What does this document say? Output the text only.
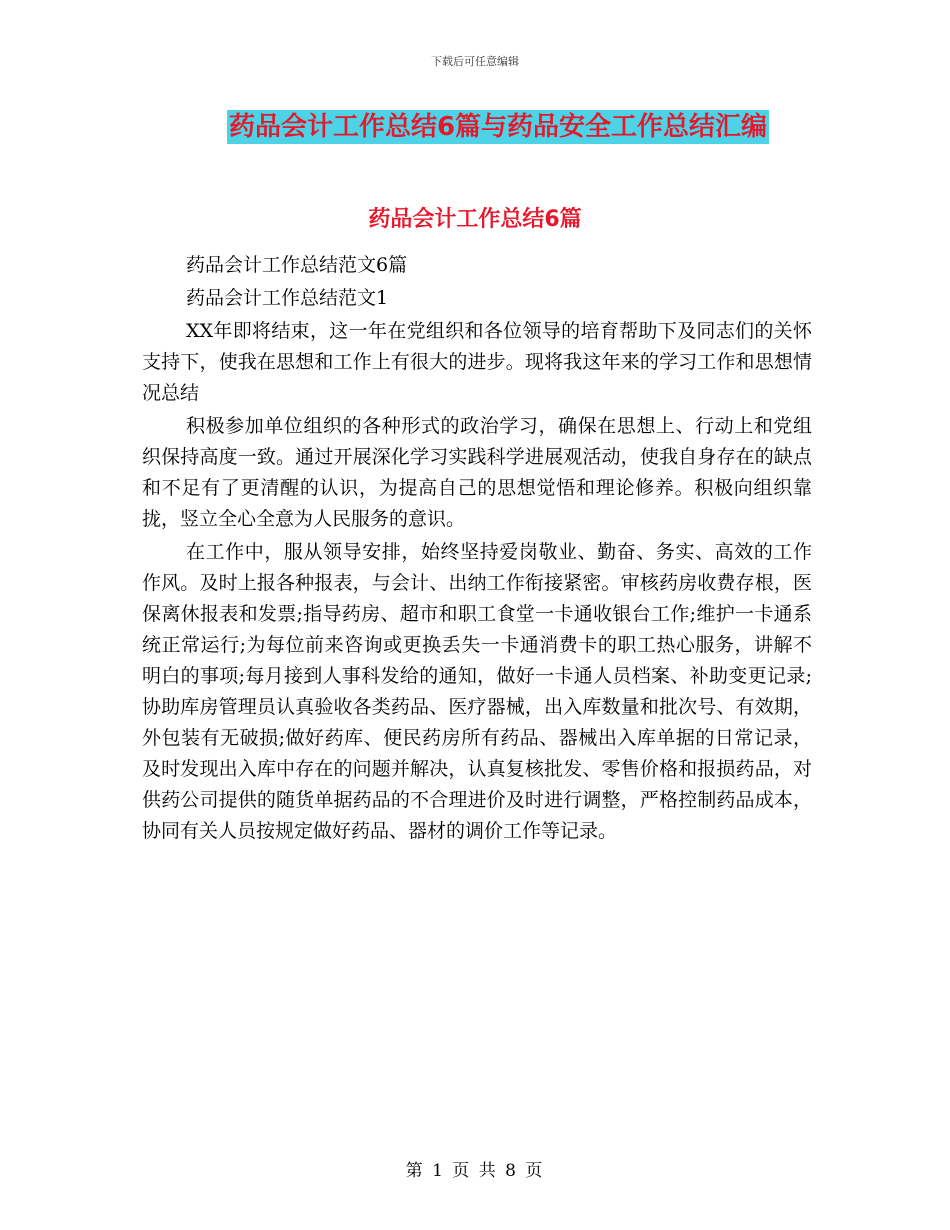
下载后可任意编辑
药品会计工作总结6篇与药品安全工作总结汇编
药品会计工作总结6篇

药品会计工作总结范文6篇

药品会计工作总结范文1

XX年即将结束，这一年在党组织和各位领导的培育帮助下及同志们的关怀支持下，使我在思想和工作上有很大的进步。现将我这年来的学习工作和思想情况总结

积极参加单位组织的各种形式的政治学习，确保在思想上、行动上和党组织保持高度一致。通过开展深化学习实践科学进展观活动，使我自身存在的缺点和不足有了更清醒的认识，为提高自己的思想觉悟和理论修养。积极向组织靠拢，竖立全心全意为人民服务的意识。

在工作中，服从领导安排，始终坚持爱岗敬业、勤奋、务实、高效的工作作风。及时上报各种报表，与会计、出纳工作衔接紧密。审核药房收费存根，医保离休报表和发票;指导药房、超市和职工食堂一卡通收银台工作;维护一卡通系统正常运行;为每位前来咨询或更换丢失一卡通消费卡的职工热心服务，讲解不明白的事项;每月接到人事科发给的通知，做好一卡通人员档案、补助变更记录;协助库房管理员认真验收各类药品、医疗器械，出入库数量和批次号、有效期，外包装有无破损;做好药库、便民药房所有药品、器械出入库单据的日常记录，及时发现出入库中存在的问题并解决，认真复核批发、零售价格和报损药品，对供药公司提供的随货单据药品的不合理进价及时进行调整，严格控制药品成本，协同有关人员按规定做好药品、器材的调价工作等记录。

第 1 页 共 8 页
